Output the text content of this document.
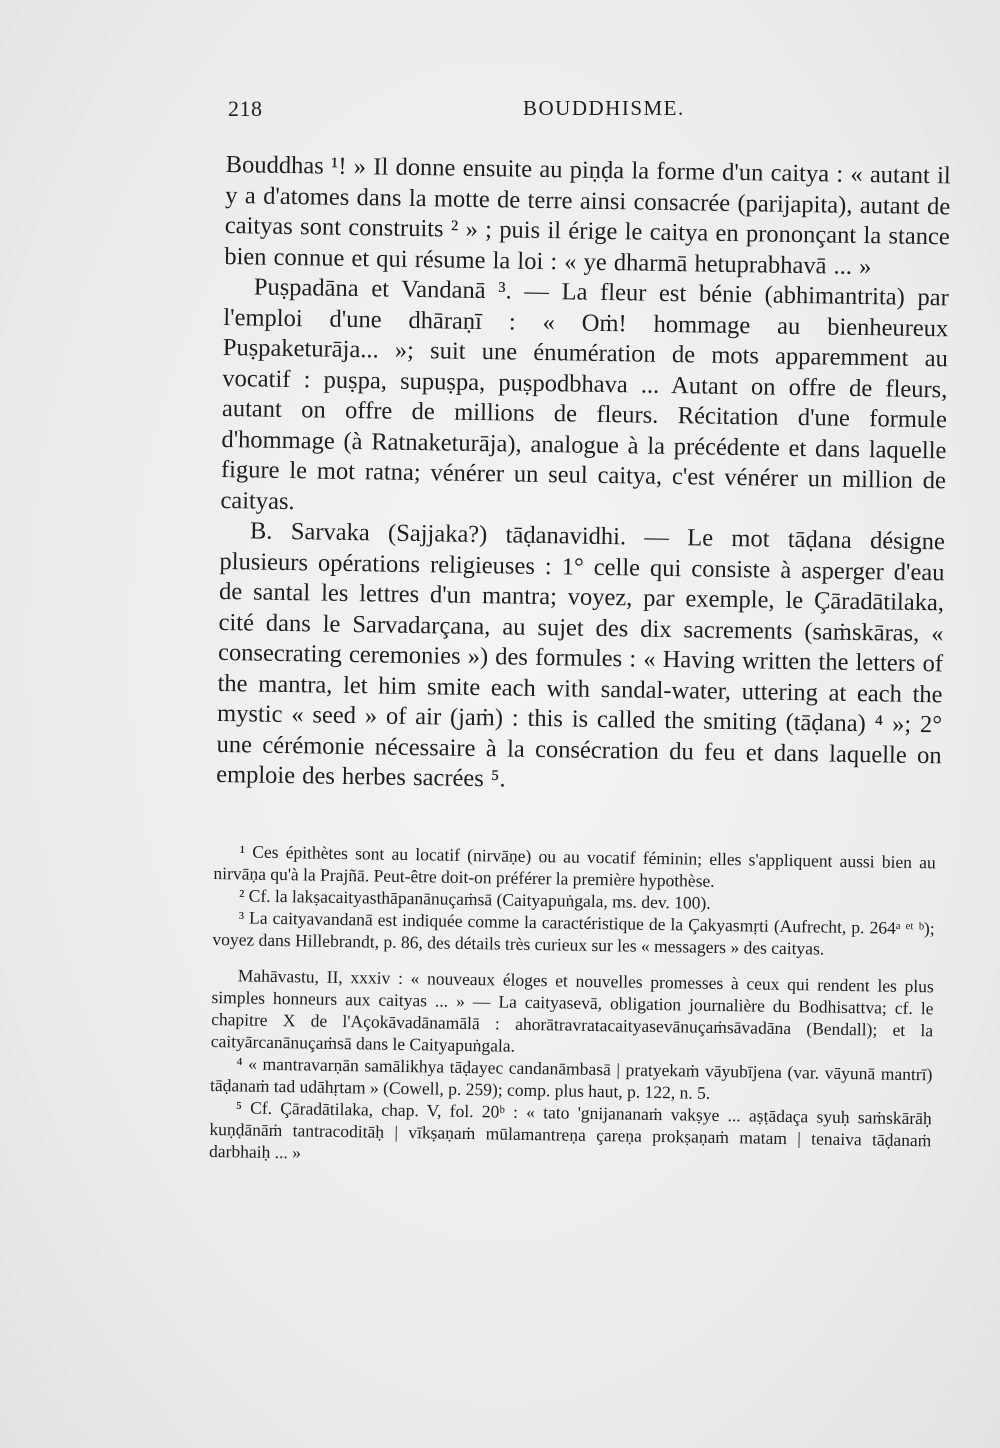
218	BOUDDHISME.

Bouddhas ¹! » Il donne ensuite au piṇḍa la forme d'un caitya : « autant il y a d'atomes dans la motte de terre ainsi consacrée (parijapita), autant de caityas sont construits ² » ; puis il érige le caitya en prononçant la stance bien connue et qui résume la loi : « ye dharmā hetuprabhavā ... »

Puṣpadāna et Vandanā ³. — La fleur est bénie (abhimantrita) par l'emploi d'une dhāraṇī : « Oṁ! hommage au bienheureux Puṣpaketurāja... »; suit une énumération de mots apparemment au vocatif : puṣpa, supuṣpa, puṣpodbhava ... Autant on offre de fleurs, autant on offre de millions de fleurs. Récitation d'une formule d'hommage (à Ratnaketurāja), analogue à la précédente et dans laquelle figure le mot ratna; vénérer un seul caitya, c'est vénérer un million de caityas.

B. Sarvaka (Sajjaka?) tāḍanavidhi. — Le mot tāḍana désigne plusieurs opérations religieuses : 1° celle qui consiste à asperger d'eau de santal les lettres d'un mantra; voyez, par exemple, le Çāradātilaka, cité dans le Sarvadarçana, au sujet des dix sacrements (saṁskāras, « consecrating ceremonies ») des formules : « Having written the letters of the mantra, let him smite each with sandal-water, uttering at each the mystic « seed » of air (jaṁ) : this is called the smiting (tāḍana) ⁴ »; 2° une cérémonie nécessaire à la consécration du feu et dans laquelle on emploie des herbes sacrées ⁵.

¹ Ces épithètes sont au locatif (nirvāṇe) ou au vocatif féminin; elles s'appliquent aussi bien au nirvāṇa qu'à la Prajñā. Peut-être doit-on préférer la première hypothèse.

² Cf. la lakṣacaityasthāpanānuçaṁsā (Caityapuṅgala, ms. dev. 100).

³ La caityavandanā est indiquée comme la caractéristique de la Çakyasmṛti (Aufrecht, p. 264ᵃ ᵉᵗ ᵇ); voyez dans Hillebrandt, p. 86, des détails très curieux sur les « messagers » des caityas.

Mahāvastu, II, xxxiv : « nouveaux éloges et nouvelles promesses à ceux qui rendent les plus simples honneurs aux caityas ... » — La caityasevā, obligation journalière du Bodhisattva; cf. le chapitre X de l'Açokāvadānamālā : ahorātravratacaityasevānuçaṁsāvadāna (Bendall); et la caityārcanānuçaṁsā dans le Caityapuṅgala.

⁴ « mantravarṇān samālikhya tāḍayec candanāmbasā | pratyekaṁ vāyubījena (var. vāyunā mantrī) tāḍanaṁ tad udāhṛtam » (Cowell, p. 259); comp. plus haut, p. 122, n. 5.

⁵ Cf. Çāradātilaka, chap. V, fol. 20ᵇ : « tato 'gnijananaṁ vakṣye ... aṣṭādaça syuḥ saṁskārāḥ kuṇḍānāṁ tantracoditāḥ | vīkṣaṇaṁ mūlamantreṇa çareṇa prokṣaṇaṁ matam | tenaiva tāḍanaṁ darbhaiḥ ... »
